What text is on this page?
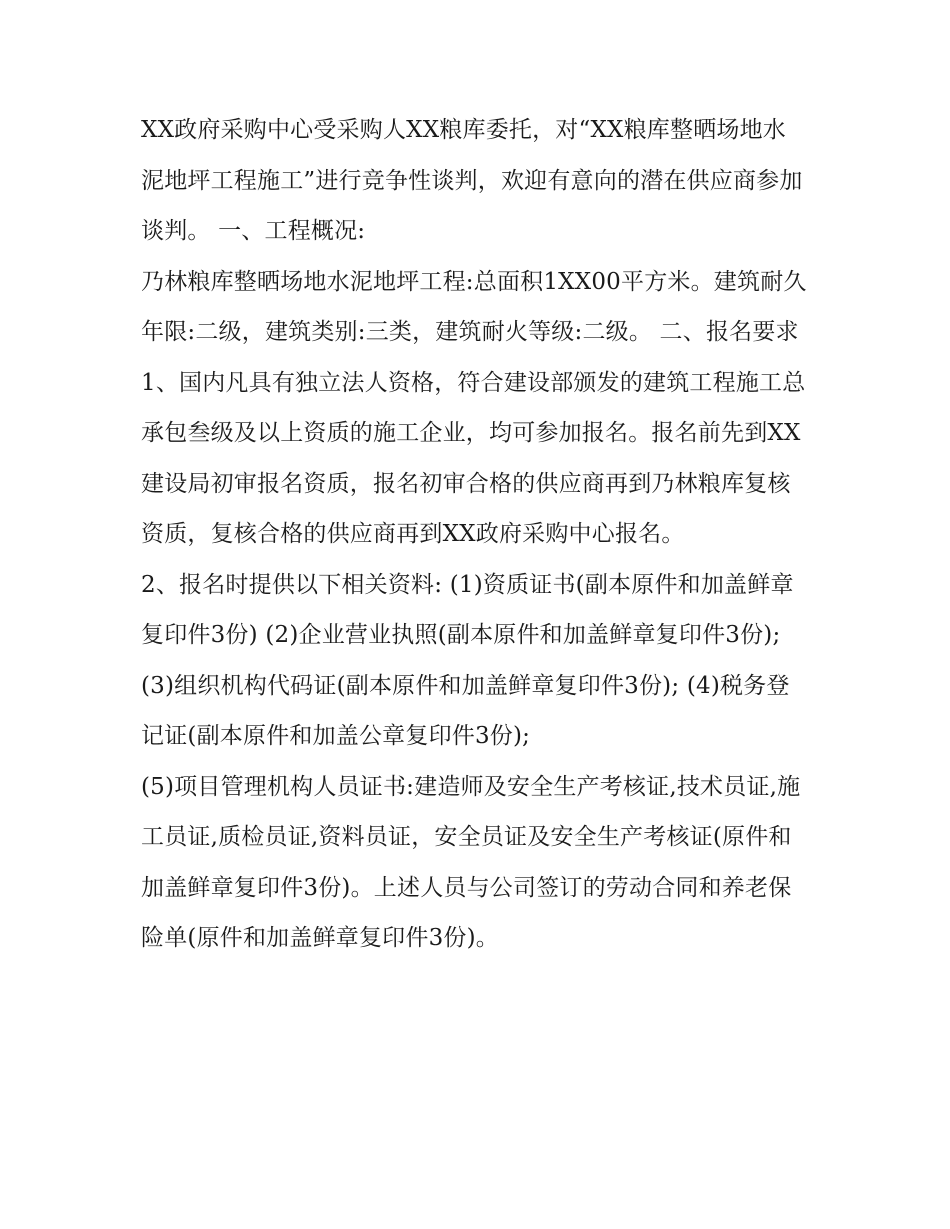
XX政府采购中心受采购人XX粮库委托，对“XX粮库整晒场地水泥地坪工程施工”进行竞争性谈判，欢迎有意向的潜在供应商参加谈判。 一、工程概况:

乃林粮库整晒场地水泥地坪工程:总面积1XX00平方米。建筑耐久年限:二级，建筑类别:三类，建筑耐火等级:二级。 二、报名要求

1、国内凡具有独立法人资格，符合建设部颁发的建筑工程施工总承包叁级及以上资质的施工企业，均可参加报名。报名前先到XX建设局初审报名资质，报名初审合格的供应商再到乃林粮库复核资质，复核合格的供应商再到XX政府采购中心报名。

2、报名时提供以下相关资料: (1)资质证书(副本原件和加盖鲜章复印件3份) (2)企业营业执照(副本原件和加盖鲜章复印件3份);

(3)组织机构代码证(副本原件和加盖鲜章复印件3份); (4)税务登记证(副本原件和加盖公章复印件3份);

(5)项目管理机构人员证书:建造师及安全生产考核证,技术员证,施工员证,质检员证,资料员证，安全员证及安全生产考核证(原件和加盖鲜章复印件3份)。上述人员与公司签订的劳动合同和养老保险单(原件和加盖鲜章复印件3份)。
